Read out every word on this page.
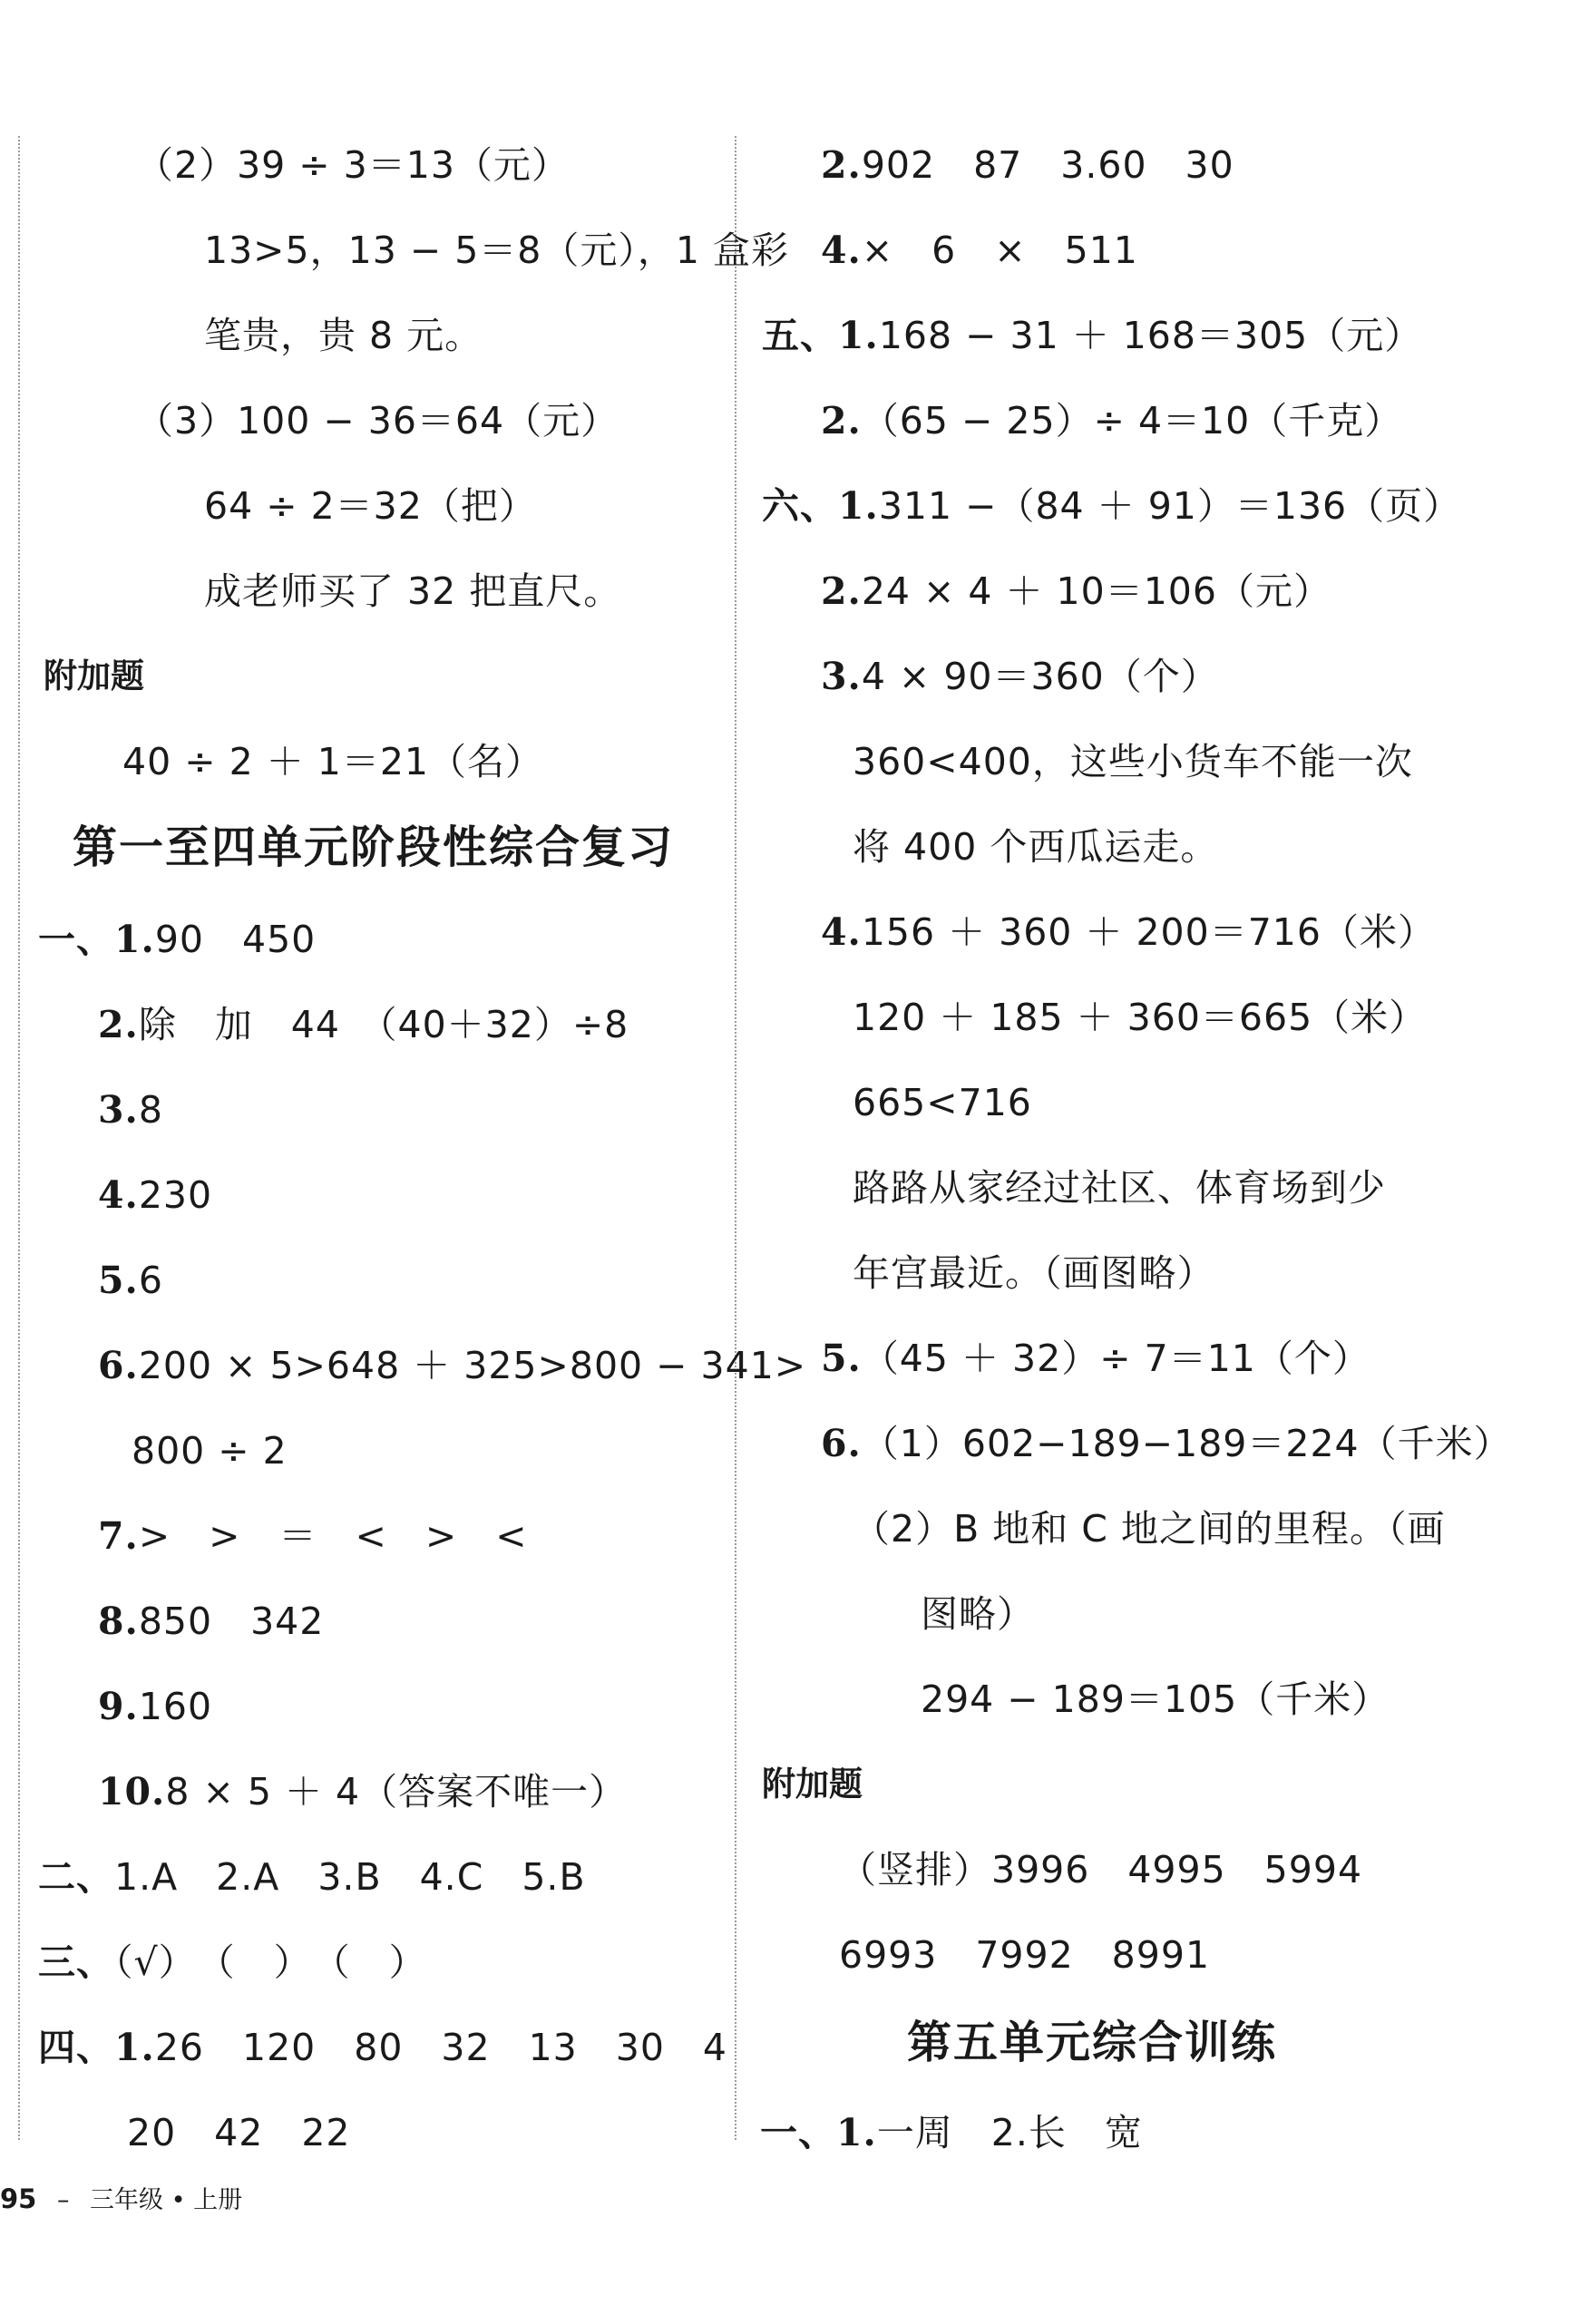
（2）39 ÷ 3＝13（元）
13>5，13 − 5＝8（元），1 盒彩
笔贵，贵 8 元。
（3）100 − 36＝64（元）
64 ÷ 2＝32（把）
成老师买了 32 把直尺。
附加题
40 ÷ 2 ＋ 1＝21（名）
第一至四单元阶段性综合复习
一、1.90　450
2.除　加　44　（40＋32）÷8
3.8
4.230
5.6
6.200 × 5>648 ＋ 325>800 − 341>
800 ÷ 2
7.>　>　＝　<　>　<
8.850　342
9.160
10.8 × 5 ＋ 4（答案不唯一）
二、1.A　2.A　3.B　4.C　5.B
三、（√）　（　）　（　）
四、1.26　120　80　32　13　30　4
20　42　22
2.902　87　3.60　30
4.×　6　×　511
五、1.168 − 31 ＋ 168＝305（元）
2.（65 − 25）÷ 4＝10（千克）
六、1.311 −（84 ＋ 91）＝136（页）
2.24 × 4 ＋ 10＝106（元）
3.4 × 90＝360（个）
360<400，这些小货车不能一次
将 400 个西瓜运走。
4.156 ＋ 360 ＋ 200＝716（米）
120 ＋ 185 ＋ 360＝665（米）
665<716
路路从家经过社区、体育场到少
年宫最近。（画图略）
5.（45 ＋ 32）÷ 7＝11（个）
6.（1）602−189−189＝224（千米）
（2）B 地和 C 地之间的里程。（画
图略）
294 − 189＝105（千米）
附加题
（竖排）3996　4995　5994
6993　7992　8991
第五单元综合训练
一、1.一周　2.长　宽
95 – 三年级 • 上册
